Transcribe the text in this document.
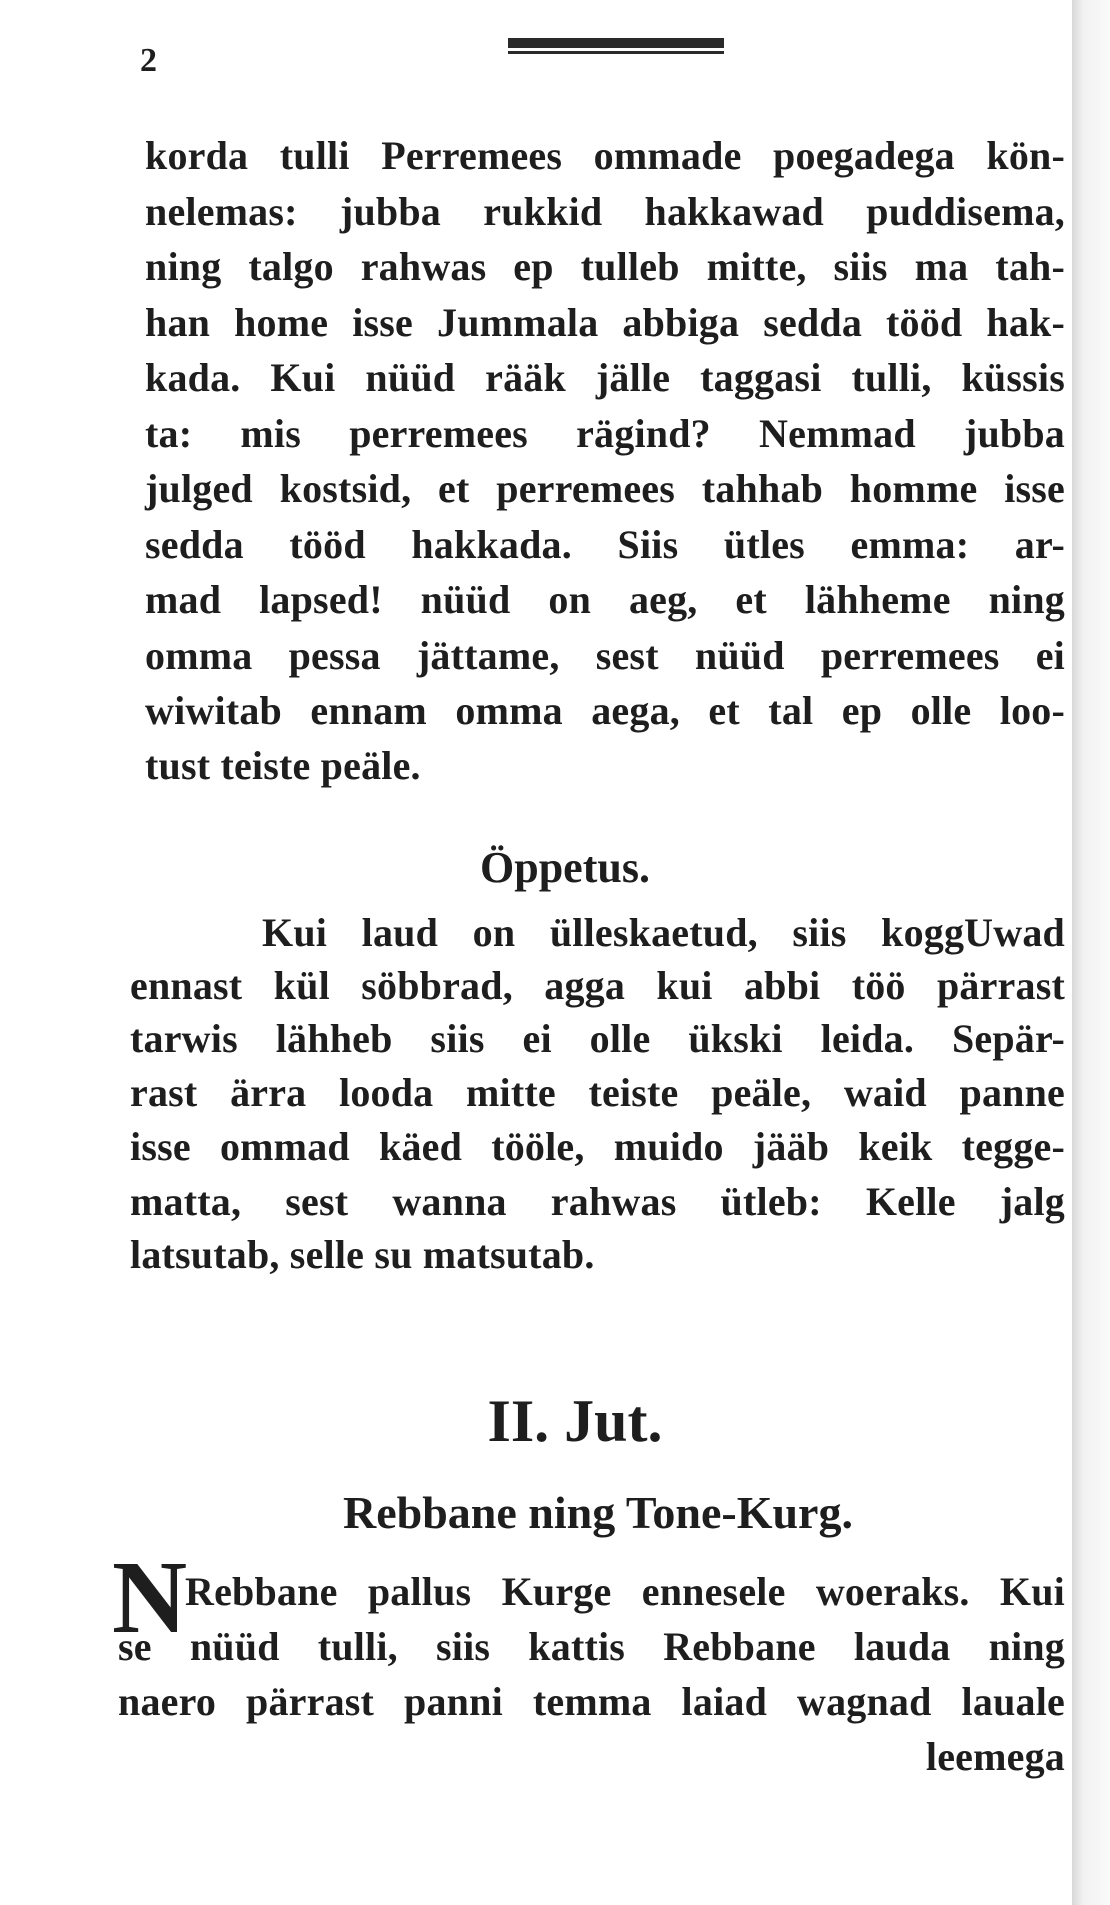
2
korda tulli Perremees ommade poegadega kön-
nelemas: jubba rukkid hakkawad puddisema,
ning talgo rahwas ep tulleb mitte, siis ma tah-
han home isse Jummala abbiga sedda tööd hak-
kada. Kui nüüd rääk jälle taggasi tulli, küssis
ta: mis perremees rägind? Nemmad jubba
julged kostsid, et perremees tahhab homme isse
sedda tööd hakkada. Siis ütles emma: ar-
mad lapsed! nüüd on aeg, et lähheme ning
omma pessa jättame, sest nüüd perremees ei
wiwitab ennam omma aega, et tal ep olle loo-
tust teiste peäle.
Öppetus.
Kui laud on ülleskaetud, siis koggUwad
ennast kül söbbrad, agga kui abbi töö pärrast
tarwis lähheb siis ei olle ükski leida. Sepär-
rast ärra looda mitte teiste peäle, waid panne
isse ommad käed tööle, muido jääb keik tegge-
matta, sest wanna rahwas ütleb: Kelle jalg
latsutab, selle su matsutab.
II. Jut.
Rebbane ning Tone-Kurg.
N
Rebbane pallus Kurge ennesele woeraks. Kui
se nüüd tulli, siis kattis Rebbane lauda ning
naero pärrast panni temma laiad wagnad lauale
leemega
